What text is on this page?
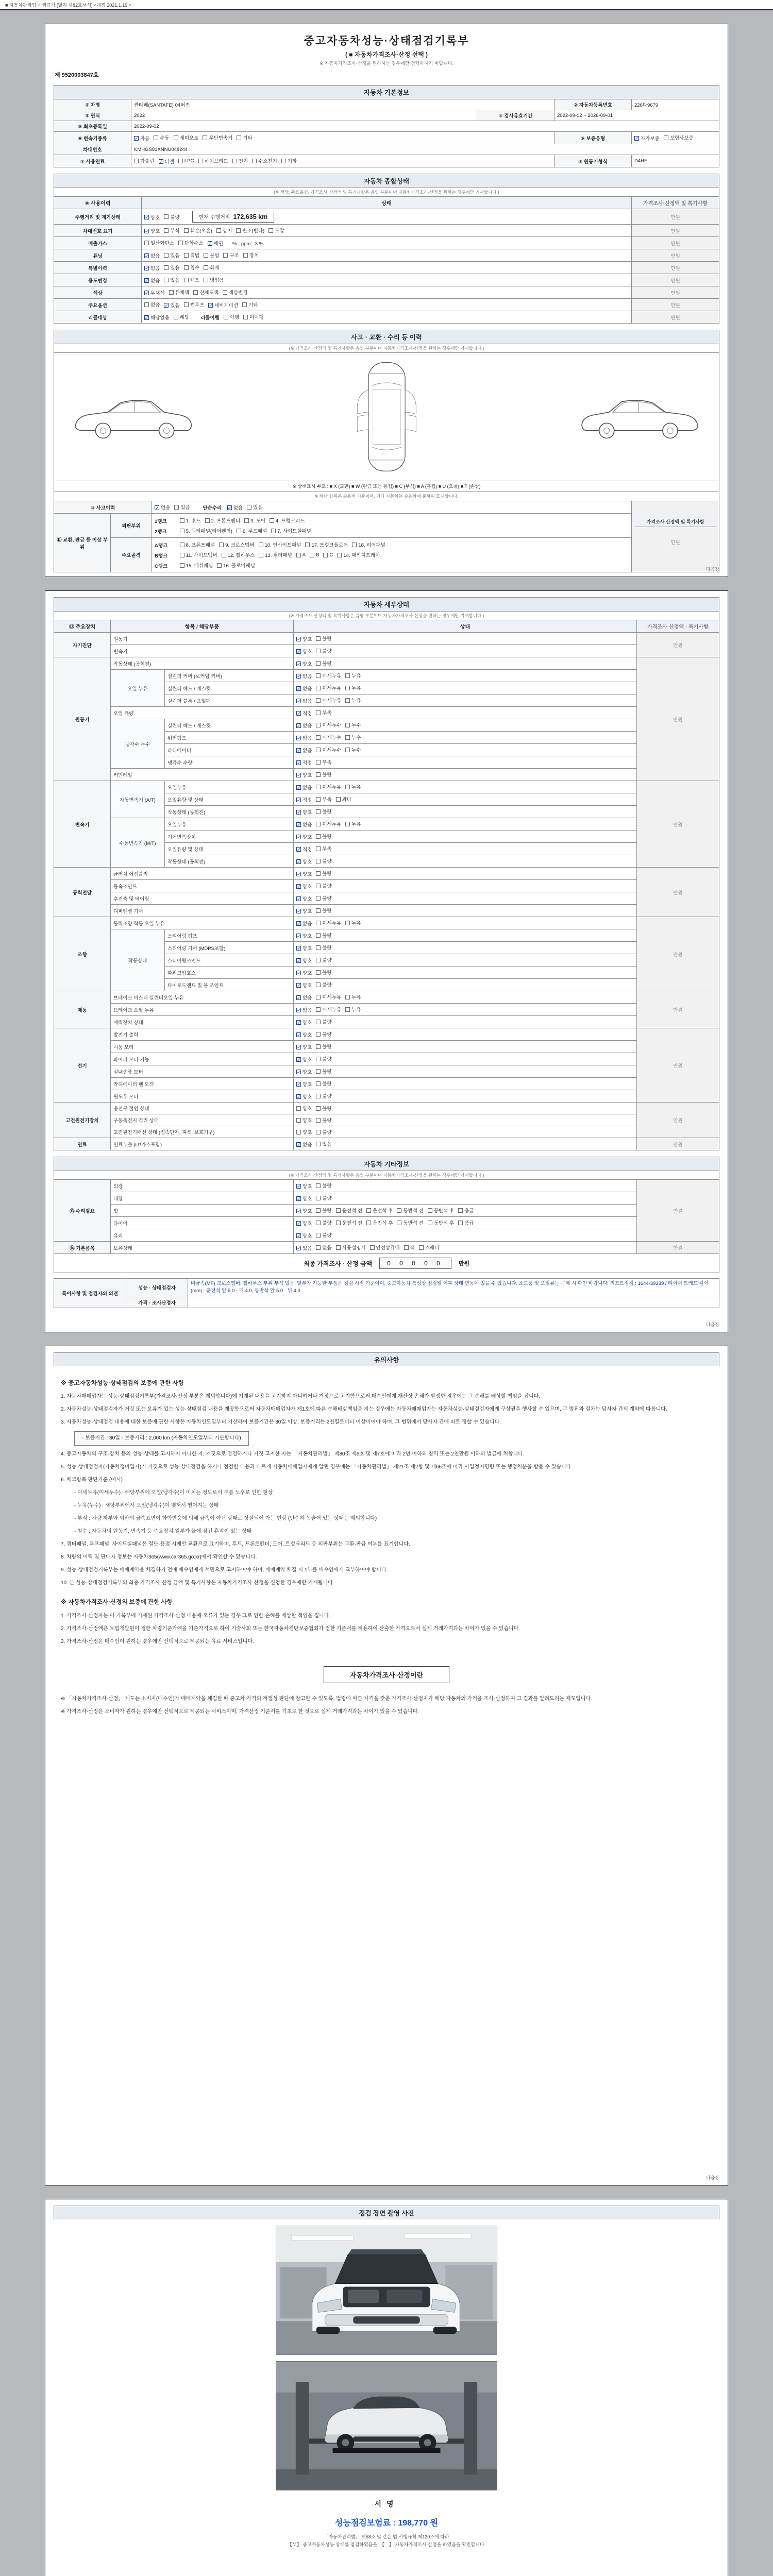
■ 자동차관리법 시행규칙 [별지 제82호서식] <개정 2021.1.19.>
중고자동차성능·상태점검기록부
( ■ 자동차가격조사·산정 선택 )
※ 자동차가격조사·산정을 원하시는 경우에만 선택하시기 바랍니다.
제 9520003847호
자동차 기본정보
① 차명	싼타페(SANTAFE) 04버전		② 자동차등록번호	226다9679
③ 연식	2022	④ 검사유효기간	2022-09-02 ~ 2026-09-01	
⑤ 최초등록일	2022-09-02			
⑥ 변속기종류	✓ 자동 수동 세미오토 무단변속기 기타	⑨ 보증유형	✓ 자가보증 보험사보증

차대번호	KMHGS81XNNU048244			
⑦ 사용연료	가솔린 ✓ 디젤 LPG 하이브리드 전기 수소전기 기타	⑧ 원동기형식	D4HE
자동차 종합상태
(※ 색상, 주요옵션, 가격조사·산정액 및 특기사항은 음영 부분이며 자동차가격조사·산정을 원하는 경우에만 기재합니다.)
⑩ 사용이력	상태	가격조사·산정액 및 특기사항
주행거리 및 계기상태	✓ 양호 불량 현재 주행거리 172,635 km	만원
차대번호 표기	✓ 양호 부식 훼손(오손) 상이 변조(변타) 도말	만원
배출가스	일산화탄소 탄화수소 ✓ 매연 % · ppm · 3 %	만원
튜닝	✓ 없음 있음 적법 불법 구조 장치	만원
특별이력	✓ 없음 있음 침수 화재	만원
용도변경	✓ 없음 있음 렌트 영업용	만원
색상	✓ 무채색 유채색 전체도색 색상변경	만원
주요옵션	없음 ✓ 있음 썬루프 ✓ 네비게이션 기타	만원
리콜대상	✓ 해당없음 해당 리콜이행 이행 미이행	만원
사고 · 교환 · 수리 등 이력
(※ 가격조사·산정액 및 특기사항은 음영 부분이며 자동차가격조사·산정을 원하는 경우에만 기재합니다.)
※ 상태표시 부호 : ■ X (교환) ■ W (판금 또는 용접) ■ C (부식) ■ A (흠집) ■ U (요철) ■ T (손상)
※ 하단 항목은 승용차 기준이며, 기타 자동차는 승용차에 준하여 표시합니다.
⑩ 사고이력	✓ 없음 있음	단순수리 ✓ 없음 있음

가격조사·산정액 및 특기사항
만원

⑪ 교환, 판금 등 이상 부위	외판부위	
1랭크	1. 후드 2. 프론트펜더 3. 도어 4. 트렁크리드
2랭크	5. 쿼터패널(리어펜더) 6. 루프패널 7. 사이드실패널

주요골격	
A랭크	8. 프론트패널 9. 크로스멤버 10. 인사이드패널 17. 트렁크플로어 18. 리어패널
B랭크	11. 사이드멤버 12. 휠하우스 13. 필러패널 A B C 14. 패키지트레이
C랭크	15. 대쉬패널 16. 플로어패널
다음장
자동차 세부상태
(※ 가격조사·산정액 및 특기사항은 음영 부분이며 자동차가격조사·산정을 원하는 경우에만 기재합니다.)
⑫ 주요장치	항목 / 해당부품		상태	가격조사·산정액 · 특기사항
자기진단	원동기		✓ 양호 불량	만원
	변속기		✓ 양호 불량	

원동기	작동상태 (공회전)		✓ 양호 불량	만원
	오일 누유	실린더 커버 (로커암 커버)	✓ 없음 미세누유 누유	

		실린더 헤드 / 개스킷	✓ 없음 미세누유 누유	

		실린더 블록 / 오일팬	✓ 없음 미세누유 누유	

	오일 유량		✓ 적정 부족	

	냉각수 누수	실린더 헤드 / 개스킷	✓ 없음 미세누수 누수	

		워터펌프	✓ 없음 미세누수 누수	

		라디에이터	✓ 없음 미세누수 누수	

		냉각수 수량	✓ 적정 부족	

	커먼레일		✓ 양호 불량	

변속기	자동변속기 (A/T)	오일누유	✓ 없음 미세누유 누유	만원
		오일유량 및 상태	✓ 적정 부족 과다	

		작동상태 (공회전)	✓ 양호 불량	

	수동변속기 (M/T)	오일누유	✓ 없음 미세누유 누유	

		기어변속장치	✓ 양호 불량	

		오일유량 및 상태	✓ 적정 부족	

		작동상태 (공회전)	✓ 양호 불량	

동력전달	클러치 어셈블리		✓ 양호 불량	만원
	등속조인트		✓ 양호 불량	

	추진축 및 베어링		✓ 양호 불량	

	디퍼렌셜 기어		✓ 양호 불량	

조향	동력조향 작동 오일 누유		✓ 없음 미세누유 누유	만원
	작동상태	스티어링 펌프	✓ 양호 불량	

		스티어링 기어 (MDPS포함)	✓ 양호 불량	

		스티어링조인트	✓ 양호 불량	

		파워고압호스	✓ 양호 불량	

		타이로드엔드 및 볼 조인트	✓ 양호 불량	

제동	브레이크 마스터 실린더오일 누유		✓ 없음 미세누유 누유	만원
	브레이크 오일 누유		✓ 없음 미세누유 누유	

	배력장치 상태		✓ 양호 불량	

전기	발전기 출력		✓ 양호 불량	만원
	시동 모터		✓ 양호 불량	

	와이퍼 모터 기능		✓ 양호 불량	

	실내송풍 모터		✓ 양호 불량	

	라디에이터 팬 모터		✓ 양호 불량	

	윈도우 모터		✓ 양호 불량	

고전원전기장치	충전구 절연 상태		양호 불량	만원
	구동축전지 격리 상태		양호 불량	

	고전원전기배선 상태 (접속단자, 피복, 보호기구)		양호 불량	

연료	연료누출 (LP가스포함)		✓ 없음 있음	만원
자동차 기타정보
(※ 가격조사·산정액 및 특기사항은 음영 부분이며 자동차가격조사·산정을 원하는 경우에만 기재합니다.)
⑬ 수리필요	외장	✓ 양호 불량	만원
	내장	✓ 양호 불량	

휠	✓ 양호 불량 운전석 전 운전석 후 동반석 전 동반석 후 응급

타이어	✓ 양호 불량 운전석 전 운전석 후 동반석 전 동반석 후 응급

	유리	✓ 양호 불량	

⑭ 기본품목	보유상태	✓ 있음 없음 사용설명서 안전삼각대 잭 스패너	만원
최종 가격조사 · 산정 금액	0 0 0 0 0	만원
특이사항 및 점검자의 의견	성능 · 상태점검자	비금속(MF) 크로스멤버, 휠하우스 부위 부식 있음. 탈부착 가능한 부품은 점검 시점 기준이며, 중고자동차 특성상 점검일 이후 상태 변동이 있을 수 있습니다. 소모품 및 오일류는 구매 시 확인 바랍니다. 리프트점검 : 1644-39339 / 타이어 트레드 깊이(mm) : 운전석 앞 5.0 · 뒤 4.0, 동반석 앞 5.0 · 뒤 4.0
	가격 · 조사산정자	
다음장
유의사항
※ 중고자동차성능·상태점검의 보증에 관한 사항
1. 자동차매매업자는 성능·상태점검기록부(가격조사·산정 부분은 제외합니다)에 기재된 내용을 고지하지 아니하거나 거짓으로 고지함으로써 매수인에게 재산상 손해가 발생한 경우에는 그 손해를 배상할 책임을 집니다.
2. 자동차성능·상태점검자가 거짓 또는 오류가 있는 성능·상태점검 내용을 제공함으로써 자동차매매업자가 제1호에 따른 손해배상책임을 지는 경우에는 자동차매매업자는 자동차성능·상태점검자에게 구상권을 행사할 수 있으며, 그 범위와 절차는 당사자 간의 계약에 따릅니다.
3. 자동차성능·상태점검 내용에 대한 보증에 관한 사항은 자동차인도일부터 기산하여 보증기간은 30일 이상, 보증거리는 2천킬로미터 이상이어야 하며, 그 범위에서 당사자 간에 따로 정할 수 있습니다.
- 보증기간 : 30일 - 보증거리 : 2,000 km (자동차인도일부터 기산합니다)
4. 중고자동차의 구조·장치 등의 성능·상태를 고지하지 아니한 자, 거짓으로 점검하거나 거짓 고지한 자는 「자동차관리법」 제80조 제6호 및 제7호에 따라 2년 이하의 징역 또는 2천만원 이하의 벌금에 처합니다.
5. 성능·상태점검자(자동차정비업자)가 거짓으로 성능·상태점검을 하거나 점검한 내용과 다르게 자동차매매업자에게 알린 경우에는 「자동차관리법」 제21조 제2항 및 제66조에 따라 사업정지명령 또는 행정처분을 받을 수 있습니다.
6. 체크항목 판단기준 (예시)
- 미세누유(미세누수) : 해당부위에 오일(냉각수)이 비치는 정도로서 부품 노후로 인한 현상
- 누유(누수) : 해당부위에서 오일(냉각수)이 맺혀서 떨어지는 상태
- 부식 : 차량 하부와 외판의 금속표면이 화학반응에 의해 금속이 아닌 상태로 상실되어 가는 현상 (단순히 녹슬어 있는 상태는 제외합니다)
- 침수 : 자동차의 원동기, 변속기 등 주요장치 일부가 물에 잠긴 흔적이 있는 상태
7. 쿼터패널, 루프패널, 사이드실패널은 절단·용접 시에만 교환으로 표기하며, 후드, 프론트펜더, 도어, 트렁크리드 등 외판부위는 교환·판금 여부를 표기합니다.
8. 차량의 이력 및 판매자 정보는 자동차365(www.car365.go.kr)에서 확인할 수 있습니다.
9. 성능·상태점검기록부는 매매계약을 체결하기 전에 매수인에게 서면으로 고지하여야 하며, 매매계약 체결 시 1부를 매수인에게 교부하여야 합니다.
10. 본 성능·상태점검기록부의 최종 가격조사·산정 금액 및 특기사항은 자동차가격조사·산정을 신청한 경우에만 기재됩니다.
※ 자동차가격조사·산정의 보증에 관한 사항
1. 가격조사·산정자는 이 기록부에 기재된 가격조사·산정 내용에 오류가 있는 경우 그로 인한 손해를 배상할 책임을 집니다.
2. 가격조사·산정액은 보험개발원이 정한 차량기준가액을 기준가격으로 하여 기술사회 또는 한국자동차진단보증협회가 정한 기준서를 적용하여 산출한 가격으로서 실제 거래가격과는 차이가 있을 수 있습니다.
3. 가격조사·산정은 매수인이 원하는 경우에만 선택적으로 제공되는 유료 서비스입니다.
자동차가격조사·산정이란
※ 「자동차가격조사·산정」 제도는 소비자(매수인)가 매매계약을 체결할 때 중고차 가격의 적절성 판단에 참고할 수 있도록, 법령에 따른 자격을 갖춘 가격조사·산정자가 해당 자동차의 가격을 조사·산정하여 그 결과를 알려드리는 제도입니다.
※ 가격조사·산정은 소비자가 원하는 경우에만 선택적으로 제공되는 서비스이며, 가격산정 기준서를 기초로 한 것으로 실제 거래가격과는 차이가 있을 수 있습니다.
다음장
점검 장면 촬영 사진
서명
성능점검보험료 : 198,770 원
「자동차관리법」 제58조 및 같은 법 시행규칙 제120조에 따라
【Ｖ】 중고자동차성능·상태를 점검하였음을, 【　】 자동차가격조사·산정을 하였음을 확인합니다.
